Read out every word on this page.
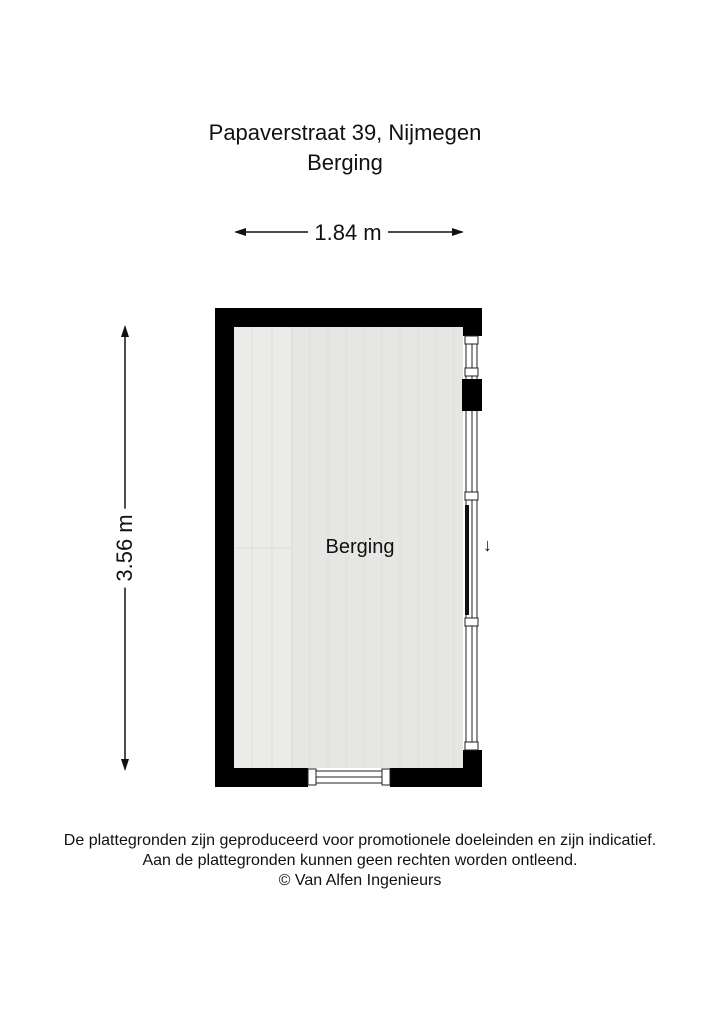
Papaverstraat 39, Nijmegen
Berging
1.84 m
3.56 m	Berging	↓
De plattegronden zijn geproduceerd voor promotionele doeleinden en zijn indicatief.
Aan de plattegronden kunnen geen rechten worden ontleend.
© Van Alfen Ingenieurs
